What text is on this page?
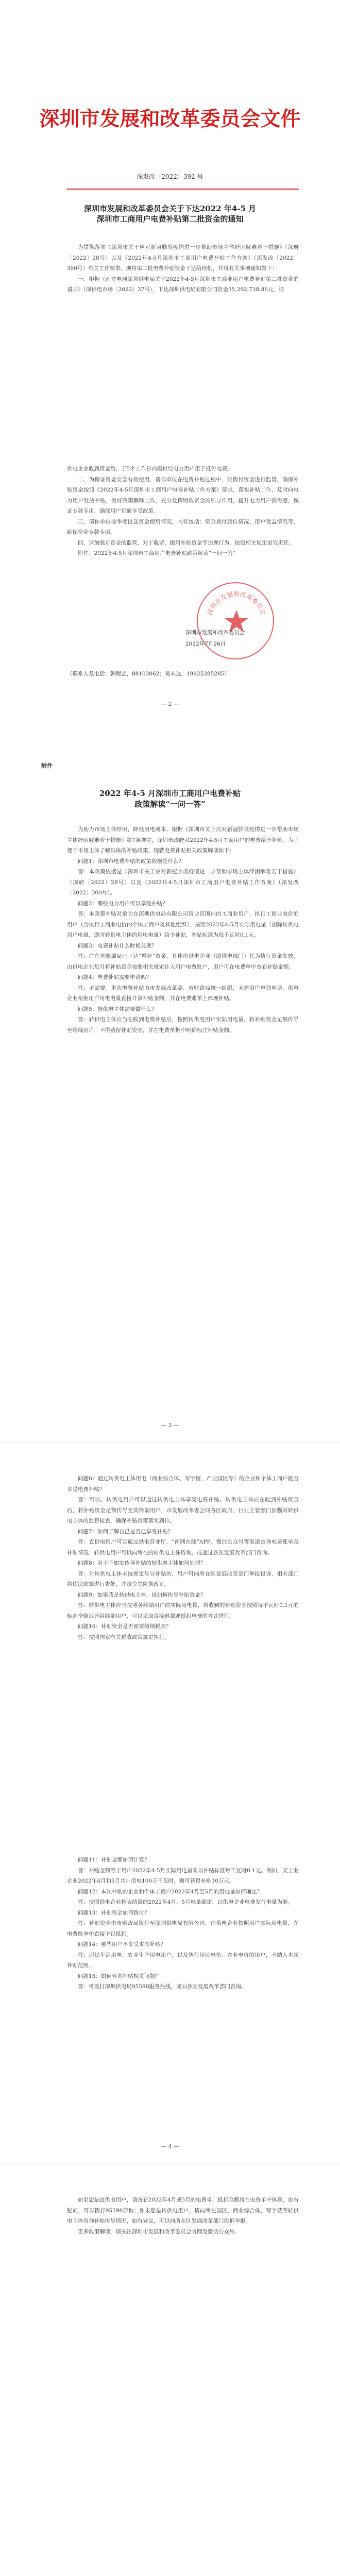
深圳市发展和改革委员会文件
深发改〔2022〕392 号
深圳市发展和改革委员会关于下达2022 年4-5 月
深圳市工商用户电费补贴第二批资金的通知

为贯彻落实《深圳市关于应对新冠肺炎疫情进一步帮助市场主体纾困解难若干措施》（深府〔2022〕28号）以及《2022年4-5月深圳市工商用户电费补贴工作方案》（深发改〔2022〕300号）有关工作要求，现将第二批电费补贴资金下达给你们，并将有关事项通知如下：

一、根据《南方电网深圳供电局关于2022年4-5月深圳市工商业用户电费补贴第二批资金的请示》（深供电市场〔2022〕37号），下达深圳供电局有限公司资金35,292,738.86元，请

供电企业收到资金后，于5个工作日内拨付给电力用户用于抵付电费。

二、为保证资金安全有效使用，请你单位在电费补贴过程中，对拨付资金进行监管，确保补贴资金按照《2022年4-5月深圳市工商用户电费补贴工作方案》要求，落实补贴工作，及时向电力用户发放补贴，做好政策解释工作，充分发挥财政资金的引导作用，提升电力用户获得感，保证专款专用，确保用户足额享受政策。

三、请你单位按季度报送资金使用情况，内容包括：资金拨付到位情况、用户受益情况等，确保资金专款专用。

四、请加强对资金的监管，对于截留、挪用补贴资金等违规行为，按照相关规定追究责任。

附件：2022年4-5月深圳市工商用户电费补贴政策解读“一问一答”

深圳市发展和改革委员会
深圳市发展和改革委员会
2022年7月26日
（联系人及电话：韩程艺，88103062；吴未达，19925285285）
— 2 —
附件
2022 年4-5 月深圳市工商用户电费补贴
政策解读“一问一答”

为助力市场主体纾困，降低用电成本，根据《深圳市关于应对新冠肺炎疫情进一步帮助市场主体纾困解难若干措施》第7条规定，深圳市政府对2022年4-5月工商用户的电费给予补贴。为了便于市场主体了解具体的补贴政策，现就电费补贴相关政策解读如下：

问题1：深圳市电费补贴的政策依据是什么？

答：本政策依据是《深圳市关于应对新冠肺炎疫情进一步帮助市场主体纾困解难若干措施》（深府〔2022〕28号）以及《2022年4-5月深圳市工商用户电费补贴工作方案》（深发改〔2022〕300号）。

问题2：哪些电力用户可以享受补贴？

答：本政策补贴对象为在深圳供电局有限公司营业范围内的工商业用户，执行工商业电价的用户（含执行工商业电价的个体工商户及其他组织），按照2022年4-5月实际用电量（扣除转供电用户电量，即含转供电主体的用电电量）给予补贴，补贴标准为每千瓦时0.1元。

问题3：电费补贴什么时候兑现？

答：广东省能源局已下达“增补”资金，具体由供电企业（即供电部门）代为执行资金发放，由供电企业每月将补贴资金按照相关规定计入用户电费账户，用户可在电费单中查看补贴金额。

问题4：电费补贴需要申请吗？

答：不需要。本次电费补贴由市发展改革委、市财政局统一组织，无需用户单独申请，供电企业根据用户用电电量直接计算补贴金额，并在电费账单上体现补贴。

问题5：转供电主体需要做什么？

答：转供电主体应当在收到电费补贴后，按照转供电用户实际用电量，将补贴资金足额传导至终端用户，不得截留补贴资金，并在电费单据中明确标注补贴金额。

— 3 —

问题6：通过转供电主体用电（商业综合体、写字楼、产业园区等）的企业和个体工商户能否享受电费补贴？

答：可以。转供电用户可以通过转供电主体享受电费补贴。转供电主体应在收到补贴资金后，将补贴资金足额传导至其终端用户，市发展改革委会同各区政府、行业主管部门加强对转供电主体的监督检查，确保补贴政策落实到位。

问题7：如何了解自己是否已享受补贴？

答：直供电用户可以通过供电营业厅、“南网在线”APP、微信公众号等渠道查询电费账单及补贴情况；转供电用户可以向所在的转供电主体咨询，或通过各区发展改革部门咨询。

问题8：对于不如实传导补贴的转供电主体如何处理？

答：对转供电主体未按规定传导补贴的，用户可向所在区发展改革部门举报投诉，相关部门将依法依规进行查处，并责令其限期改正。

问题9：如果我是转供电主体，该如何传导补贴资金？

答：转供电主体应当按照各终端用户的实际用电量，将收到的补贴资金按照每千瓦时0.1元的标准全额返还给终端用户，可以采取直接退款或抵扣电费的方式进行。

问题10：补贴资金是否需要缴纳税款？

答：按照国家有关税收政策规定执行。

问题11：补贴金额如何计算？

答：补贴金额等于用户2022年4-5月实际用电量乘以补贴标准每千瓦时0.1元。例如，某工业企业2022年4月和5月共计用电100万千瓦时，则可获得补贴10万元。

问题12：本次补贴的企业和个体工商户2022年4月至5月的用电量如何确定？

答：按照供电企业抄表结算的2022年4月、5月电量确定，以供电企业电费发行电量为准。

问题13：补贴资金如何拨付？

答：补贴资金由市财政局拨付至深圳供电局有限公司，由供电企业按照用户实际用电量，在电费账单中直接予以抵扣。

问题14：哪些用户不享受本次补贴？

答：居民生活用电、农业生产用电用户，以及执行居民电价、农业电价的用户，不纳入本次补贴范围。

问题15：如何咨询补贴相关问题？

答：可拨打深圳供电局95598服务热线，或向各区发展改革部门咨询。

— 4 —

如果您是直供电用户，请查看2022年4月或5月的电费单，抵扣金额将在电费单中体现，如有疑问，可以拨打95598咨询；如果您是转供电用户，请向所在园区、商业综合体、写字楼等转供电主体咨询补贴传导情况，如有异议，可以向所在区发展改革部门投诉举报。

更多政策解读，请关注深圳市发展和改革委员会官网及微信公众号。
